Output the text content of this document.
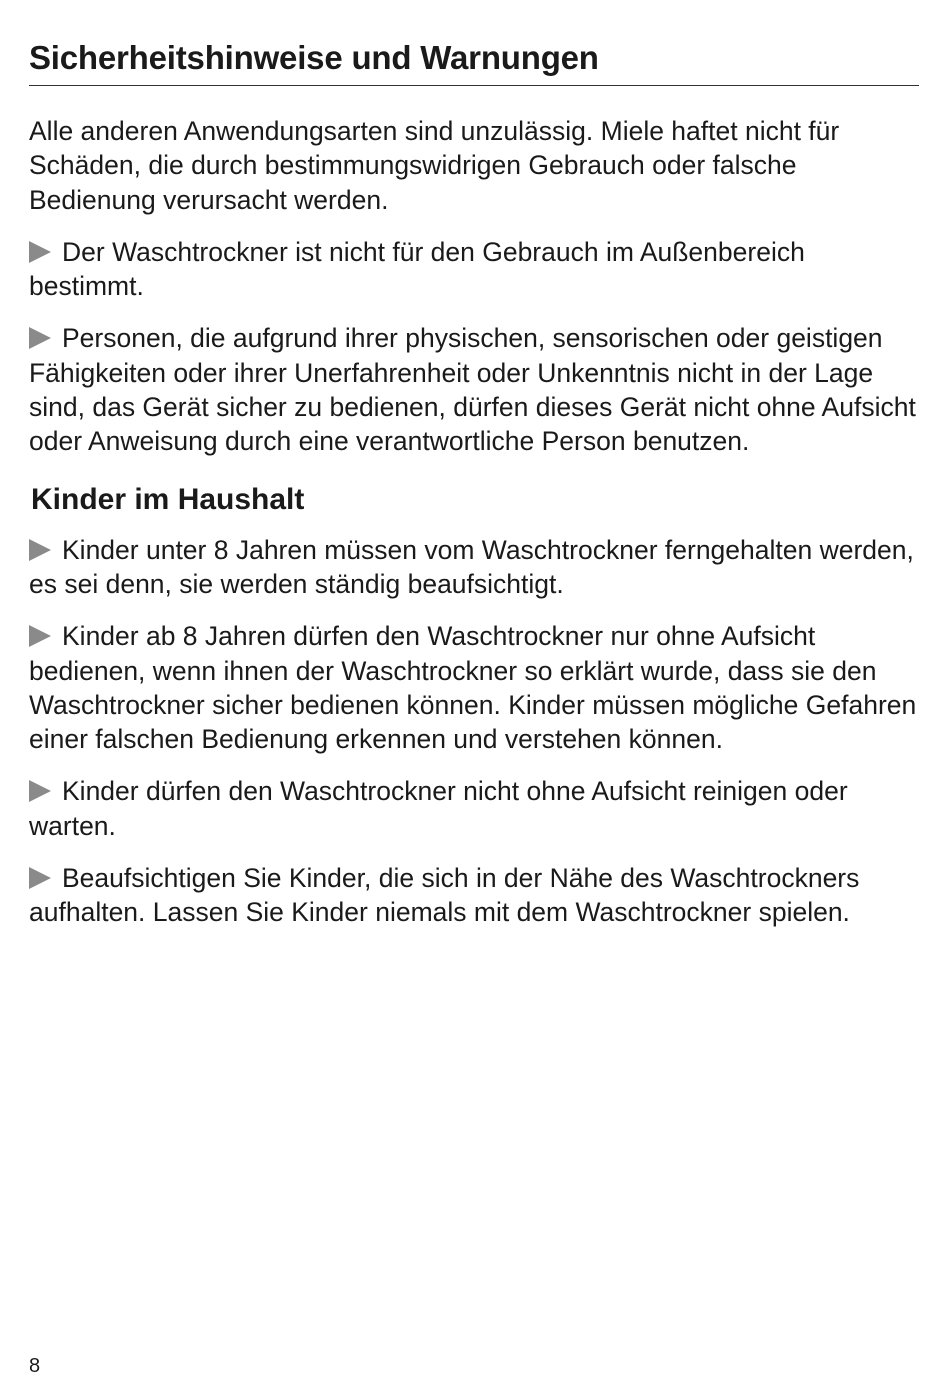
Sicherheitshinweise und Warnungen

Alle anderen Anwendungsarten sind unzulässig. Miele haftet nicht für Schäden, die durch bestimmungswidrigen Gebrauch oder falsche Bedienung verursacht werden.

Der Waschtrockner ist nicht für den Gebrauch im Außenbereich bestimmt.

Personen, die aufgrund ihrer physischen, sensorischen oder geistigen Fähigkeiten oder ihrer Unerfahrenheit oder Unkenntnis nicht in der Lage sind, das Gerät sicher zu bedienen, dürfen dieses Gerät nicht ohne Aufsicht oder Anweisung durch eine verantwortliche Person benutzen.

Kinder im Haushalt

Kinder unter 8 Jahren müssen vom Waschtrockner ferngehalten werden, es sei denn, sie werden ständig beaufsichtigt.

Kinder ab 8 Jahren dürfen den Waschtrockner nur ohne Aufsicht bedienen, wenn ihnen der Waschtrockner so erklärt wurde, dass sie den Waschtrockner sicher bedienen können. Kinder müssen mögliche Gefahren einer falschen Bedienung erkennen und verstehen können.

Kinder dürfen den Waschtrockner nicht ohne Aufsicht reinigen oder warten.

Beaufsichtigen Sie Kinder, die sich in der Nähe des Waschtrockners aufhalten. Lassen Sie Kinder niemals mit dem Waschtrockner spielen.

8
